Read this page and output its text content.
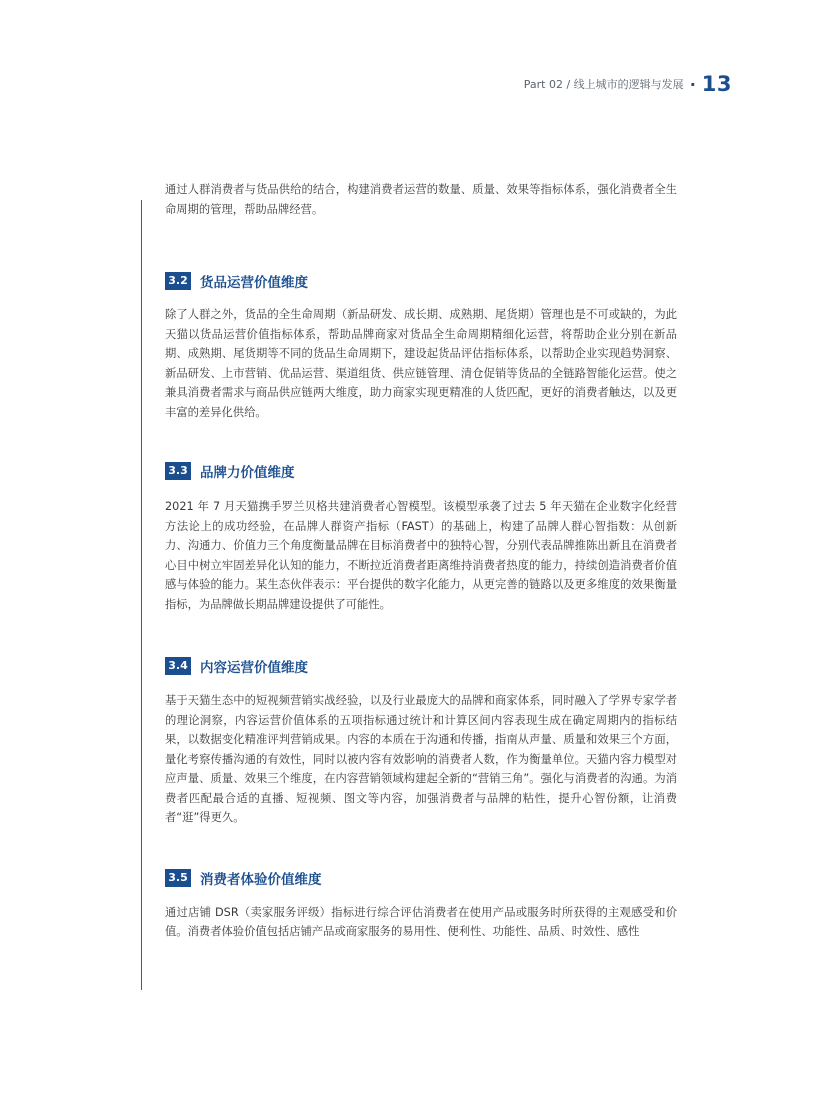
Part 02 / 线上城市的逻辑与发展 · 13

通过人群消费者与货品供给的结合，构建消费者运营的数量、质量、效果等指标体系，强化消费者全生命周期的管理，帮助品牌经营。

3.2 货品运营价值维度

除了人群之外，货品的全生命周期（新品研发、成长期、成熟期、尾货期）管理也是不可或缺的，为此天猫以货品运营价值指标体系，帮助品牌商家对货品全生命周期精细化运营，将帮助企业分别在新品期、成熟期、尾货期等不同的货品生命周期下，建设起货品评估指标体系，以帮助企业实现趋势洞察、新品研发、上市营销、优品运营、渠道组货、供应链管理、清仓促销等货品的全链路智能化运营。使之兼具消费者需求与商品供应链两大维度，助力商家实现更精准的人货匹配，更好的消费者触达，以及更丰富的差异化供给。

3.3 品牌力价值维度

2021 年 7 月天猫携手罗兰贝格共建消费者心智模型。该模型承袭了过去 5 年天猫在企业数字化经营方法论上的成功经验，在品牌人群资产指标（FAST）的基础上，构建了品牌人群心智指数：从创新力、沟通力、价值力三个角度衡量品牌在目标消费者中的独特心智，分别代表品牌推陈出新且在消费者心目中树立牢固差异化认知的能力，不断拉近消费者距离维持消费者热度的能力，持续创造消费者价值感与体验的能力。某生态伙伴表示：平台提供的数字化能力，从更完善的链路以及更多维度的效果衡量指标，为品牌做长期品牌建设提供了可能性。

3.4 内容运营价值维度

基于天猫生态中的短视频营销实战经验，以及行业最庞大的品牌和商家体系，同时融入了学界专家学者的理论洞察，内容运营价值体系的五项指标通过统计和计算区间内容表现生成在确定周期内的指标结果，以数据变化精准评判营销成果。内容的本质在于沟通和传播，指南从声量、质量和效果三个方面，量化考察传播沟通的有效性，同时以被内容有效影响的消费者人数，作为衡量单位。天猫内容力模型对应声量、质量、效果三个维度，在内容营销领域构建起全新的“营销三角”。强化与消费者的沟通。为消费者匹配最合适的直播、短视频、图文等内容，加强消费者与品牌的粘性，提升心智份额，让消费者“逛”得更久。

3.5 消费者体验价值维度

通过店铺 DSR（卖家服务评级）指标进行综合评估消费者在使用产品或服务时所获得的主观感受和价值。消费者体验价值包括店铺产品或商家服务的易用性、便利性、功能性、品质、时效性、感性
